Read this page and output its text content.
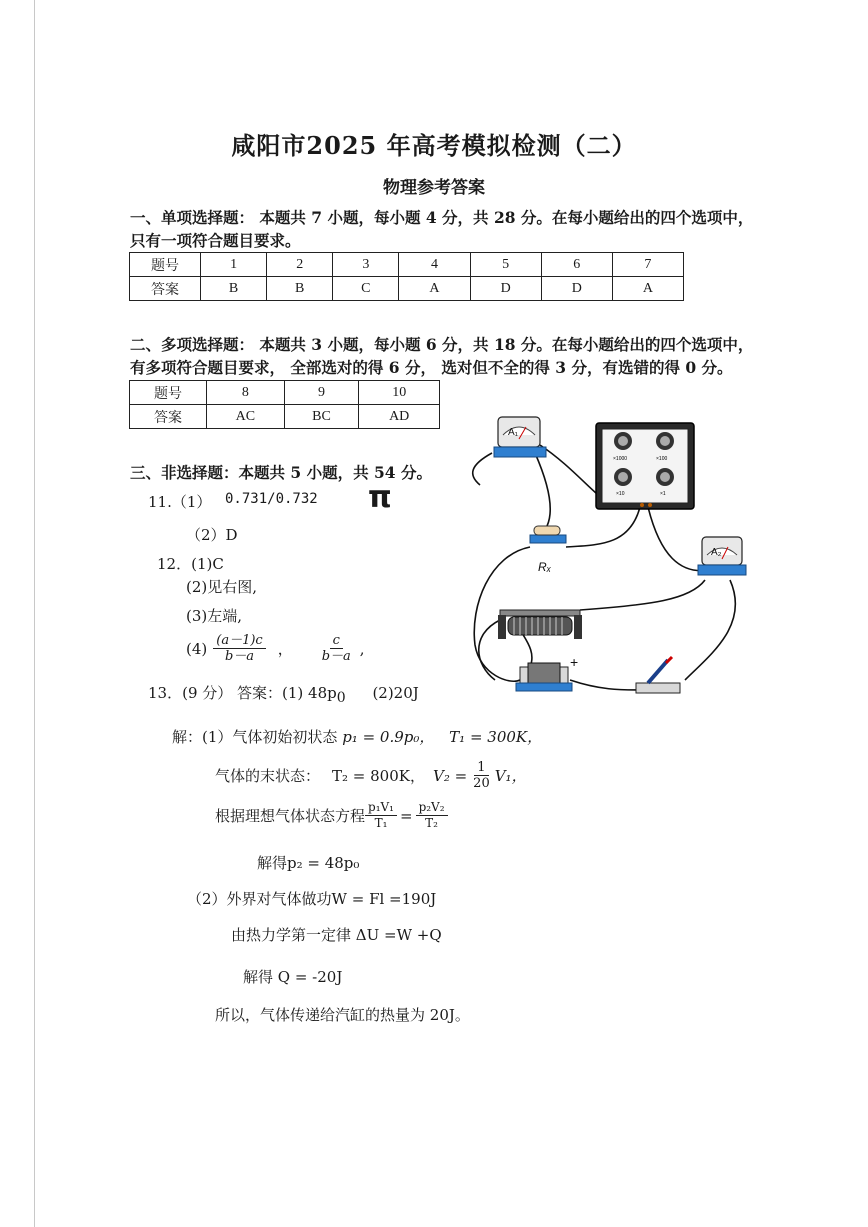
咸阳市2025 年高考模拟检测（二）
物理参考答案
一、单项选择题： 本题共 7 小题，每小题 4 分，共 28 分。在每小题给出的四个选项中，
只有一项符合题目要求。
题号	1	2	3	4	5	6	7
答案	B	B	C	A	D	D	A
二、多项选择题： 本题共 3 小题，每小题 6 分，共 18 分。在每小题给出的四个选项中，
有多项符合题目要求， 全部选对的得 6 分， 选对但不全的得 3 分，有选错的得 0 分。
题号	8	9	10
答案	AC	BC	AD
三、非选择题：本题共 5 小题，共 54 分。
11.（1） 0.731/0.732 π
（2）D
12．(1)C
(2)见右图,
(3)左端,
$(4) \frac{(a-1)c}{b-a}$ ， $\frac{c}{b-a}$ ,
13．(9 分） 答案：(1) $48p_0$ (2)20J
解：(1）气体初始初状态 p₁ = 0.9p₀， T₁ = 300K，
气体的末状态： T₂ = 800K， $V_2 = \frac{1}{20} V_1$，
根据理想气体状态方程 $\frac{\text{p₁V₁}}{\text{T₁}} = \frac{\text{p₂V₂}}{\text{T₂}}$
解得p₂ = 48p₀
（2）外界对气体做功W = Fl =190J
由热力学第一定律 ΔU =W +Q
解得 Q = -20J
所以，气体传递给汽缸的热量为 20J。
A₁
×1000	×100
×10	×1
Rₓ
A₂
+
